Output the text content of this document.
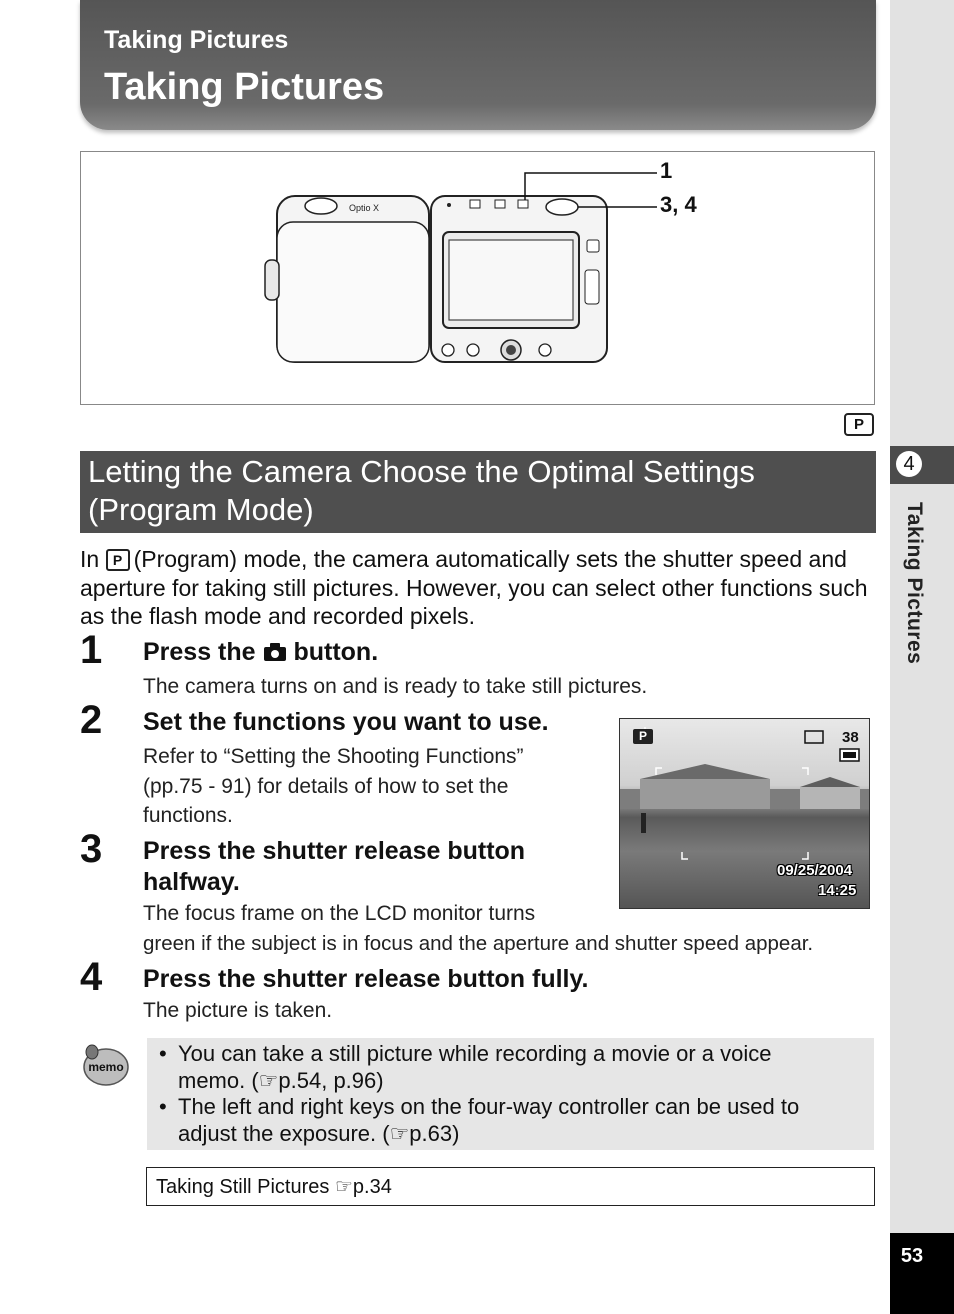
4
Taking Pictures
53
Taking Pictures
Taking Pictures
Optio X
1
3, 4
P
Letting the Camera Choose the Optimal Settings (Program Mode)
In P (Program) mode, the camera automatically sets the shutter speed and aperture for taking still pictures. However, you can select other functions such as the flash mode and recorded pixels.
1 Press the button.
The camera turns on and is ready to take still pictures.
2 Set the functions you want to use.
Refer to “Setting the Shooting Functions”
(pp.75 - 91) for details of how to set the
functions.
3 Press the shutter release button
halfway.
The focus frame on the LCD monitor turns
green if the subject is in focus and the aperture and shutter speed appear.
4 Press the shutter release button fully.
The picture is taken.
P	38
09/25/2004
14:25
memo
• You can take a still picture while recording a movie or a voice
memo. (☞p.54, p.96)
• The left and right keys on the four-way controller can be used to
adjust the exposure. (☞p.63)
Taking Still Pictures ☞p.34
